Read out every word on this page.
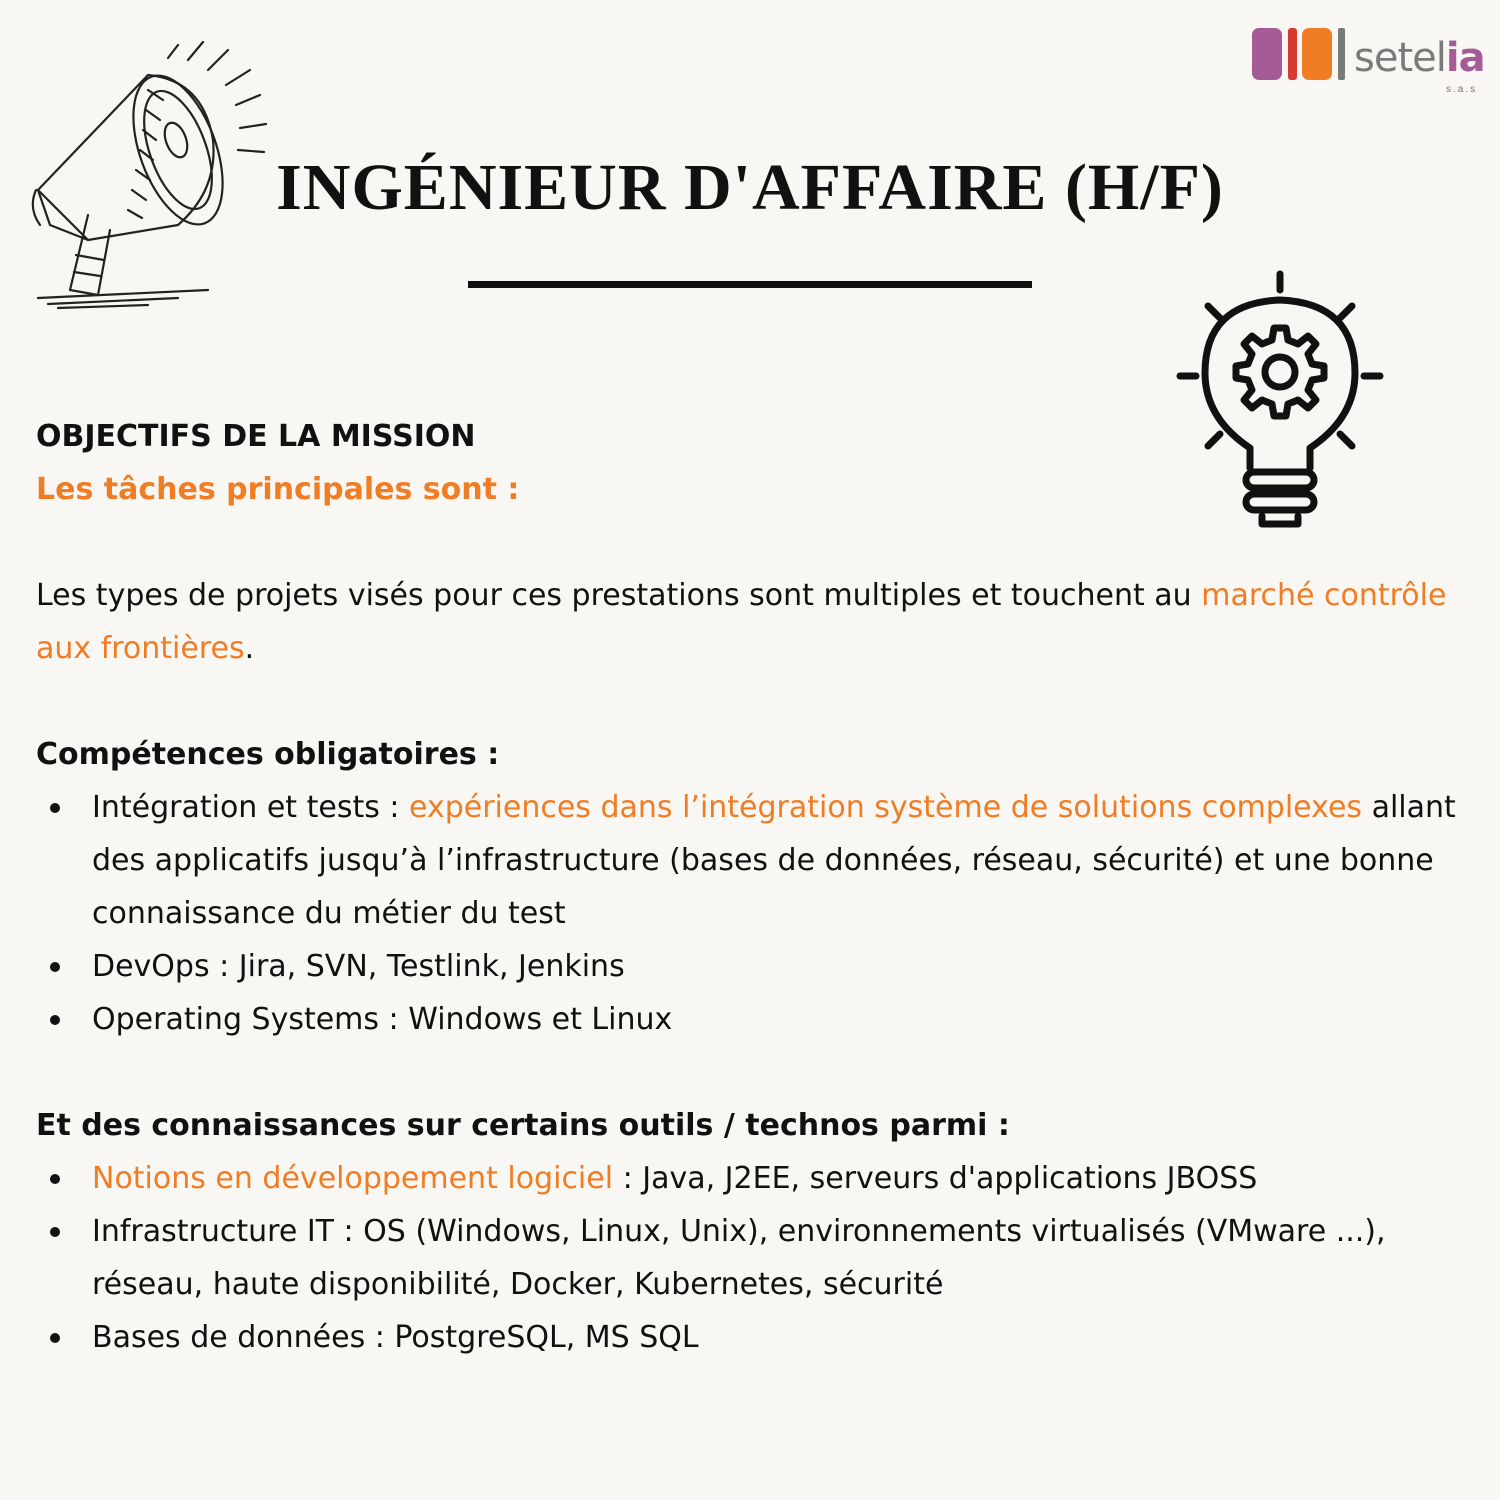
setelia
s.a.s
INGÉNIEUR D'AFFAIRE (H/F)

OBJECTIFS DE LA MISSION

Les tâches principales sont :

Les types de projets visés pour ces prestations sont multiples et touchent au marché contrôle aux frontières.

Compétences obligatoires :

Intégration et tests : expériences dans l’intégration système de solutions complexes allant des applicatifs jusqu’à l’infrastructure (bases de données, réseau, sécurité) et une bonne connaissance du métier du test
DevOps : Jira, SVN, Testlink, Jenkins
Operating Systems : Windows et Linux

Et des connaissances sur certains outils / technos parmi :

Notions en développement logiciel : Java, J2EE, serveurs d'applications JBOSS
Infrastructure IT : OS (Windows, Linux, Unix), environnements virtualisés (VMware ...), réseau, haute disponibilité, Docker, Kubernetes, sécurité
Bases de données : PostgreSQL, MS SQL
